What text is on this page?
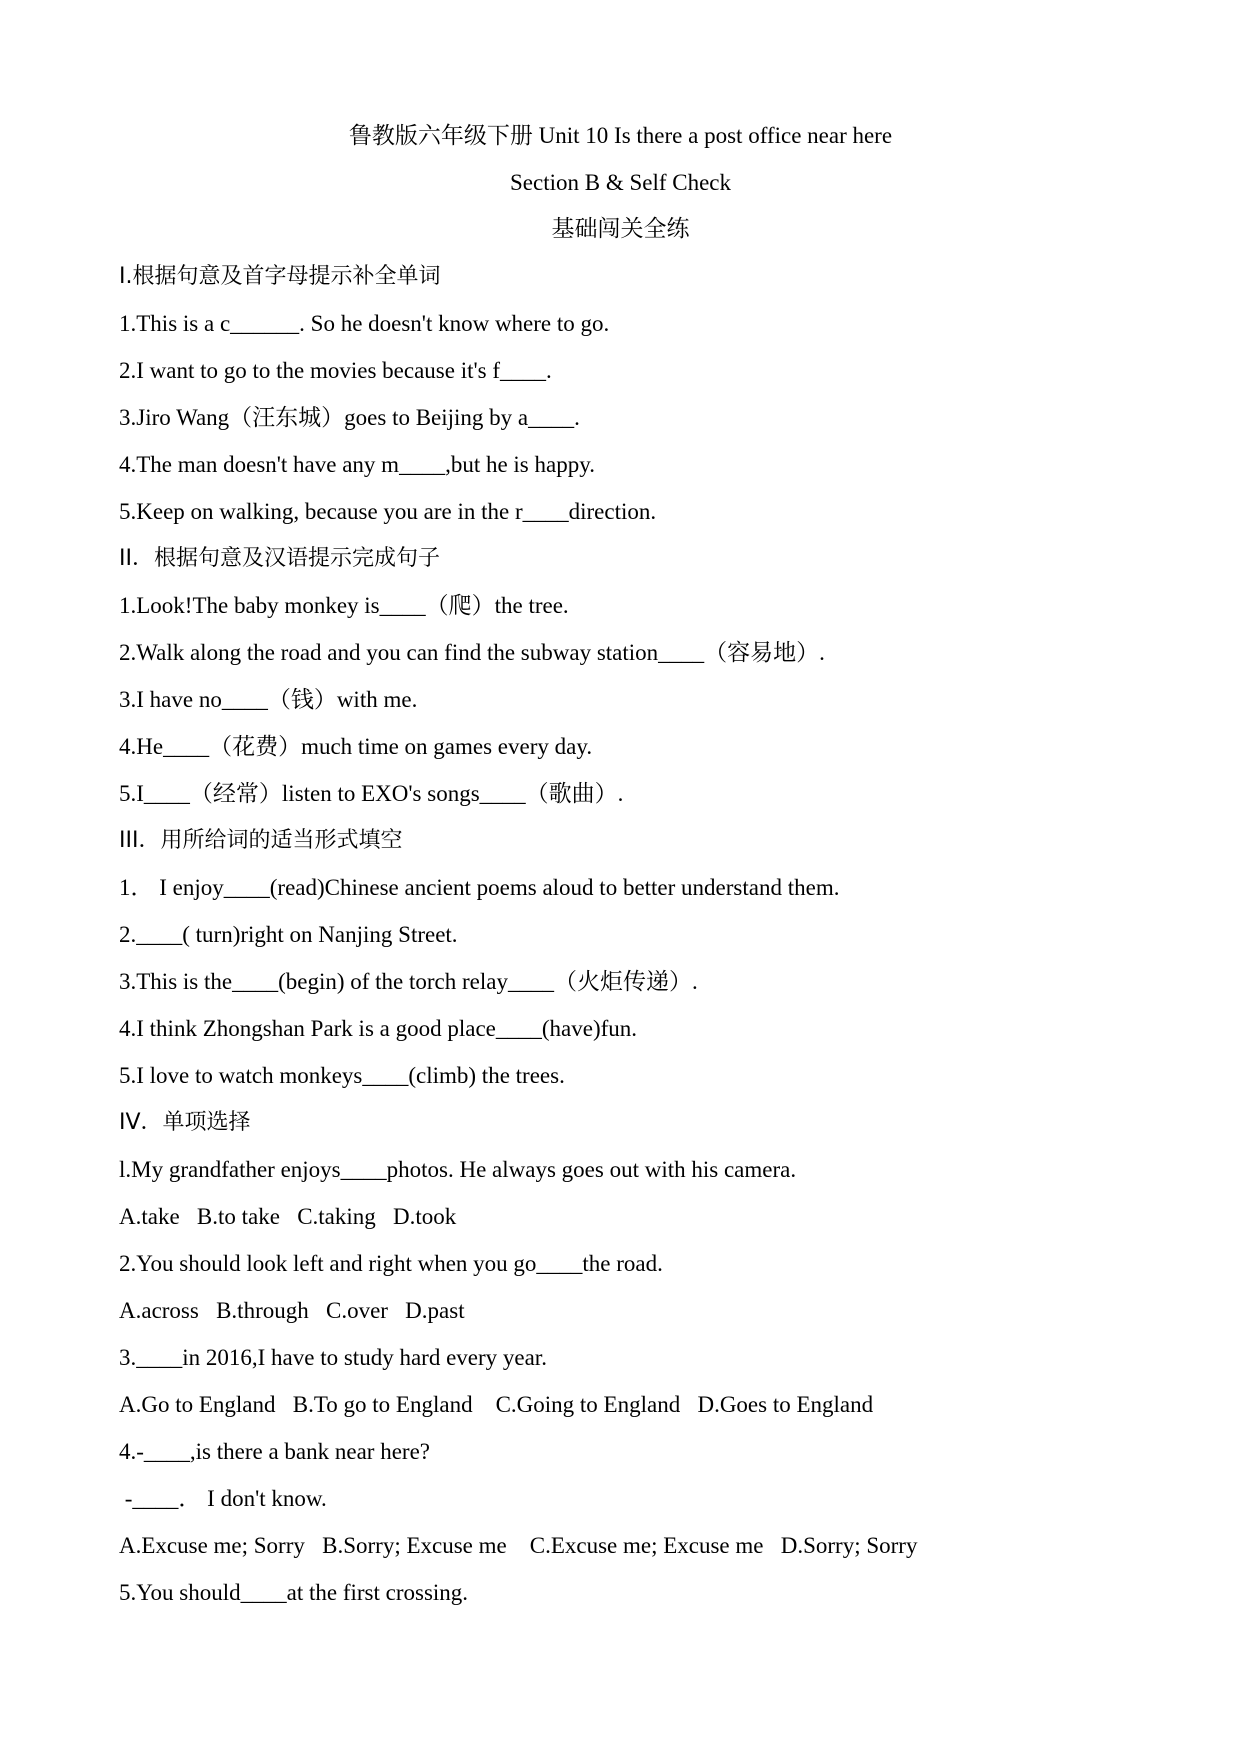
鲁教版六年级下册 Unit 10 Is there a post office near here
Section B & Self Check
基础闯关全练
I.根据句意及首字母提示补全单词
1.This is a c______. So he doesn't know where to go.
2.I want to go to the movies because it's f____.
3.Jiro Wang（汪东城）goes to Beijing by a____.
4.The man doesn't have any m____,but he is happy.
5.Keep on walking, because you are in the r____direction.
II．根据句意及汉语提示完成句子
1.Look!The baby monkey is____（爬）the tree.
2.Walk along the road and you can find the subway station____（容易地）.
3.I have no____（钱）with me.
4.He____（花费）much time on games every day.
5.I____（经常）listen to EXO's songs____（歌曲）.
III．用所给词的适当形式填空
1． I enjoy____(read)Chinese ancient poems aloud to better understand them.
2.____( turn)right on Nanjing Street.
3.This is the____(begin) of the torch relay____（火炬传递）.
4.I think Zhongshan Park is a good place____(have)fun.
5.I love to watch monkeys____(climb) the trees.
IV．单项选择
l.My grandfather enjoys____photos. He always goes out with his camera.
A.take   B.to take   C.taking   D.took
2.You should look left and right when you go____the road.
A.across   B.through   C.over   D.past
3.____in 2016,I have to study hard every year.
A.Go to England   B.To go to England    C.Going to England   D.Goes to England
4.-____,is there a bank near here?
-____． I don't know.
A.Excuse me; Sorry   B.Sorry; Excuse me    C.Excuse me; Excuse me   D.Sorry; Sorry
5.You should____at the first crossing.
